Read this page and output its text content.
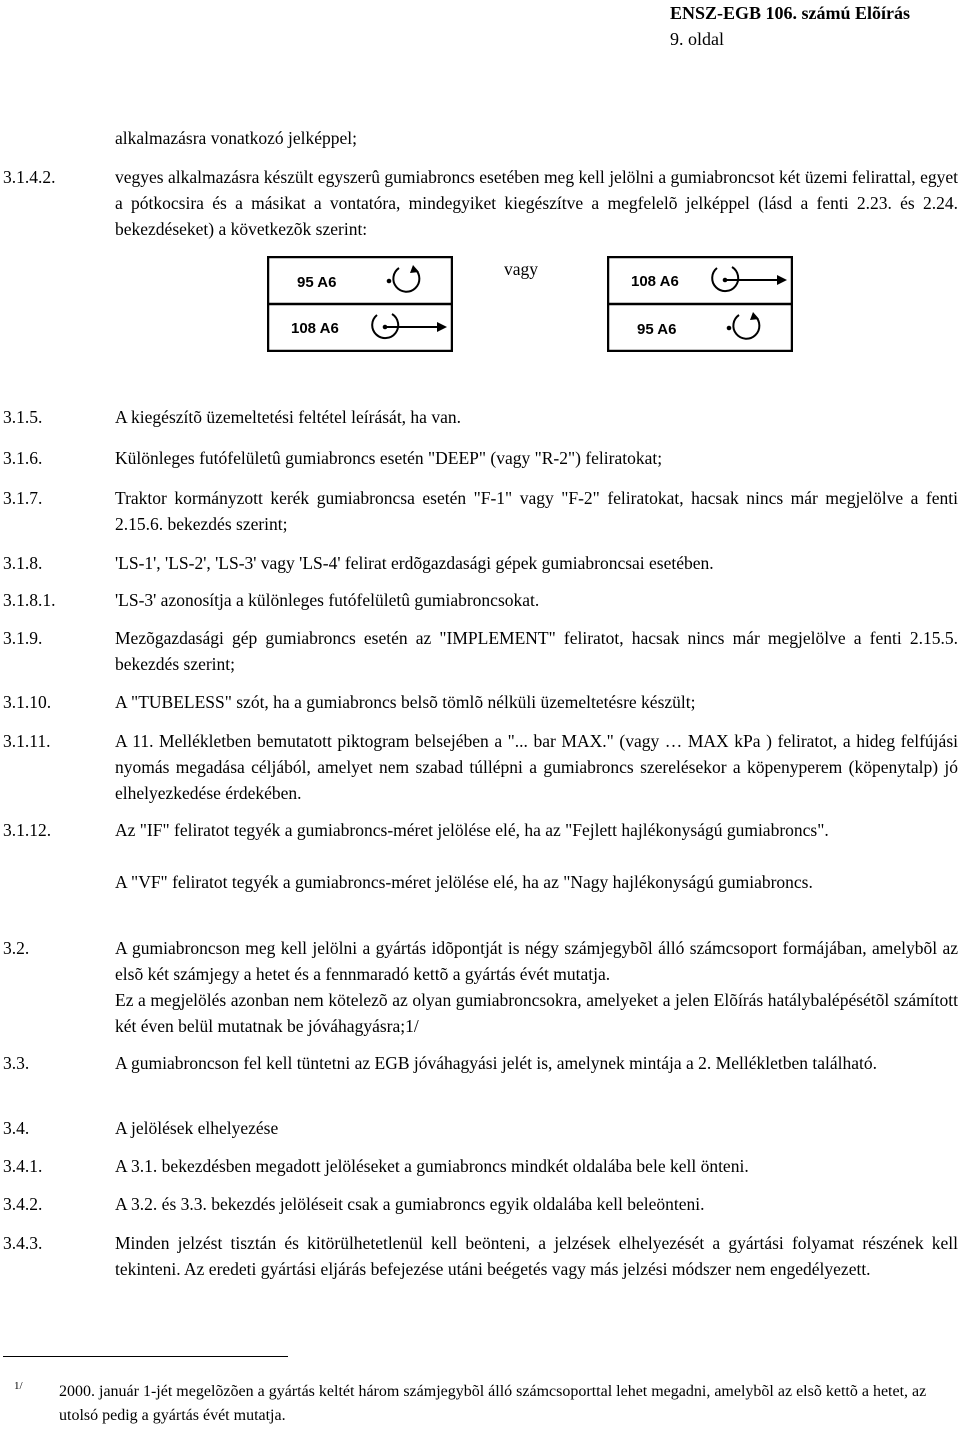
ENSZ-EGB 106. számú Elõírás
9. oldal
alkalmazásra vonatkozó jelképpel;
3.1.4.2.	vegyes alkalmazásra készült egyszerû gumiabroncs esetében meg kell jelölni a gumiabroncsot két üzemi felirattal, egyet a pótkocsira és a másikat a vontatóra, mindegyiket kiegészítve a megfelelõ jelképpel (lásd a fenti 2.23. és 2.24. bekezdéseket) a következõk szerint:
vagy
95 A6
108 A6
108 A6
95 A6
3.1.5.	A kiegészítõ üzemeltetési feltétel leírását, ha van.
3.1.6.	Különleges futófelületû gumiabroncs esetén "DEEP" (vagy "R-2") feliratokat;
3.1.7.	Traktor kormányzott kerék gumiabroncsa esetén "F-1" vagy "F-2" feliratokat, hacsak nincs már megjelölve a fenti 2.15.6. bekezdés szerint;
3.1.8.	'LS-1', 'LS-2', 'LS-3' vagy 'LS-4' felirat erdõgazdasági gépek gumiabroncsai esetében.
3.1.8.1.	'LS-3' azonosítja a különleges futófelületû gumiabroncsokat.
3.1.9.	Mezõgazdasági gép gumiabroncs esetén az "IMPLEMENT" feliratot, hacsak nincs már megjelölve a fenti 2.15.5. bekezdés szerint;
3.1.10.	A "TUBELESS" szót, ha a gumiabroncs belsõ tömlõ nélküli üzemeltetésre készült;
3.1.11.	A 11. Mellékletben bemutatott piktogram belsejében a "... bar MAX." (vagy … MAX kPa ) feliratot, a hideg felfújási nyomás megadása céljából, amelyet nem szabad túllépni a gumiabroncs szerelésekor a köpenyperem (köpenytalp) jó elhelyezkedése érdekében.
3.1.12.	Az "IF" feliratot tegyék a gumiabroncs-méret jelölése elé, ha az "Fejlett hajlékonyságú gumiabroncs".
A "VF" feliratot tegyék a gumiabroncs-méret jelölése elé, ha az "Nagy hajlékonyságú gumiabroncs.
3.2.	A gumiabroncson meg kell jelölni a gyártás idõpontját is négy számjegybõl álló számcsoport formájában, amelybõl az elsõ két számjegy a hetet és a fennmaradó kettõ a gyártás évét mutatja.
Ez a megjelölés azonban nem kötelezõ az olyan gumiabroncsokra, amelyeket a jelen Elõírás hatálybalépésétõl számított két éven belül mutatnak be jóváhagyásra;1/
3.3.	A gumiabroncson fel kell tüntetni az EGB jóváhagyási jelét is, amelynek mintája a 2. Mellékletben található.
3.4.	A jelölések elhelyezése
3.4.1.	A 3.1. bekezdésben megadott jelöléseket a gumiabroncs mindkét oldalába bele kell önteni.
3.4.2.	A 3.2. és 3.3. bekezdés jelöléseit csak a gumiabroncs egyik oldalába kell beleönteni.
3.4.3.	Minden jelzést tisztán és kitörülhetetlenül kell beönteni, a jelzések elhelyezését a gyártási folyamat részének kell tekinteni. Az eredeti gyártási eljárás befejezése utáni beégetés vagy más jelzési módszer nem engedélyezett.
1/ 2000. január 1-jét megelõzõen a gyártás keltét három számjegybõl álló számcsoporttal lehet megadni, amelybõl az elsõ kettõ a hetet, az utolsó pedig a gyártás évét mutatja.
